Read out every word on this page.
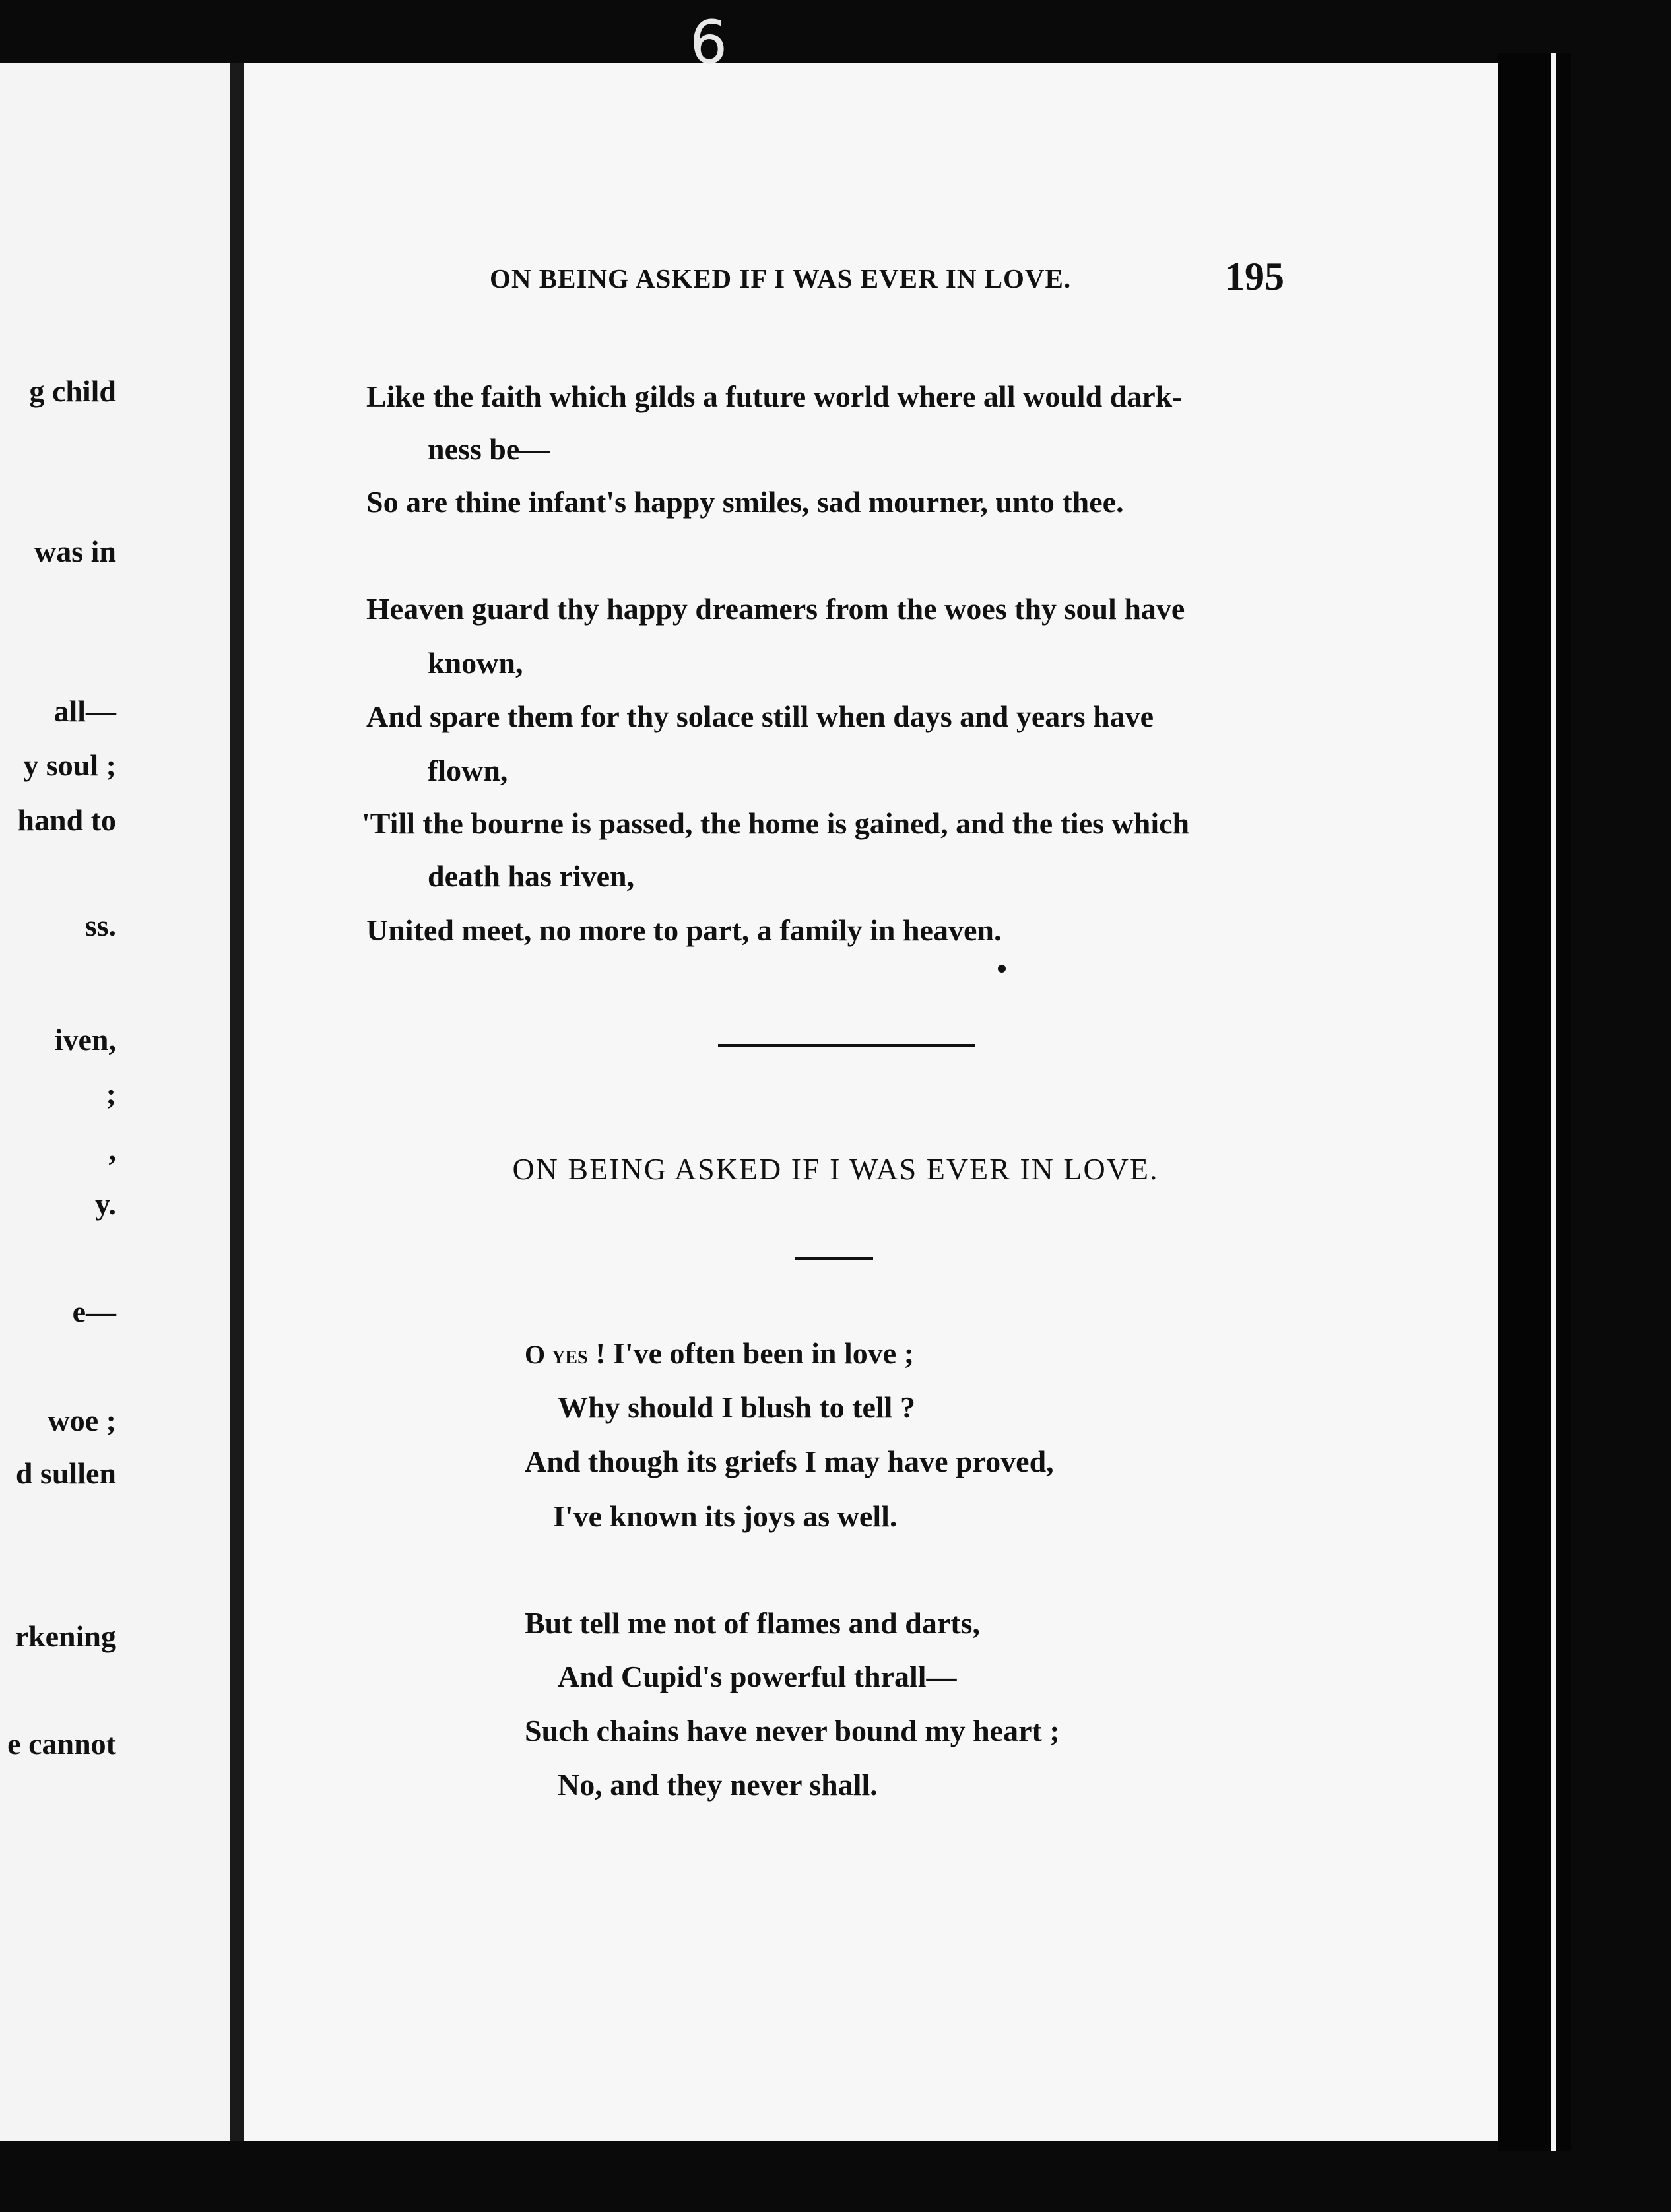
g child
was in
all—
y soul ;
hand to
ss.
iven,
;
,
y.
e—
woe ;
d sullen
rkening
e cannot
6
ON BEING ASKED IF I WAS EVER IN LOVE.	195
Like the faith which gilds a future world where all would dark-
ness be—
So are thine infant's happy smiles, sad mourner, unto thee.
Heaven guard thy happy dreamers from the woes thy soul have
known,
And spare them for thy solace still when days and years have
flown,
'Till the bourne is passed, the home is gained, and the ties which
death has riven,
United meet, no more to part, a family in heaven.
ON BEING ASKED IF I WAS EVER IN LOVE.
O yes ! I've often been in love ;
Why should I blush to tell ?
And though its griefs I may have proved,
I've known its joys as well.
But tell me not of flames and darts,
And Cupid's powerful thrall—
Such chains have never bound my heart ;
No, and they never shall.
